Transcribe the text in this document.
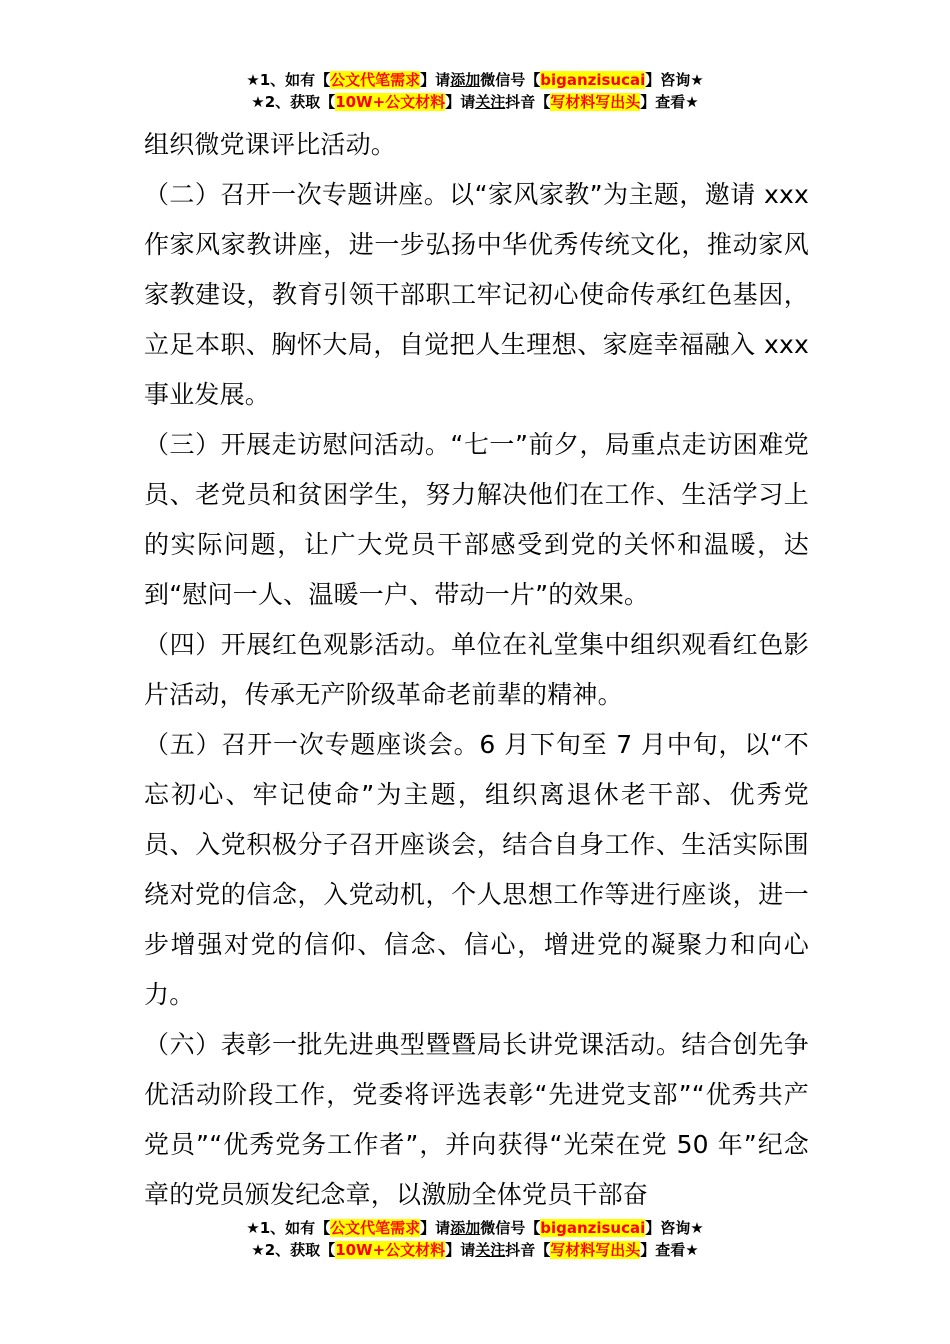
★1、如有【公文代笔需求】请添加微信号【biganzisucai】咨询★
★2、获取【10W+公文材料】请关注抖音【写材料写出头】查看★

组织微党课评比活动。

（二）召开一次专题讲座。以“家风家教”为主题，邀请 xxx 作家风家教讲座，进一步弘扬中华优秀传统文化，推动家风家教建设，教育引领干部职工牢记初心使命传承红色基因，立足本职、胸怀大局，自觉把人生理想、家庭幸福融入 xxx 事业发展。

（三）开展走访慰问活动。“七一”前夕，局重点走访困难党员、老党员和贫困学生，努力解决他们在工作、生活学习上的实际问题，让广大党员干部感受到党的关怀和温暖，达到“慰问一人、温暖一户、带动一片”的效果。

（四）开展红色观影活动。单位在礼堂集中组织观看红色影片活动，传承无产阶级革命老前辈的精神。

（五）召开一次专题座谈会。6 月下旬至 7 月中旬，以“不忘初心、牢记使命”为主题，组织离退休老干部、优秀党员、入党积极分子召开座谈会，结合自身工作、生活实际围绕对党的信念，入党动机，个人思想工作等进行座谈，进一步增强对党的信仰、信念、信心，增进党的凝聚力和向心力。

（六）表彰一批先进典型暨暨局长讲党课活动。结合创先争优活动阶段工作，党委将评选表彰“先进党支部”“优秀共产党员”“优秀党务工作者”，并向获得“光荣在党 50 年”纪念章的党员颁发纪念章，以激励全体党员干部奋

★1、如有【公文代笔需求】请添加微信号【biganzisucai】咨询★
★2、获取【10W+公文材料】请关注抖音【写材料写出头】查看★
